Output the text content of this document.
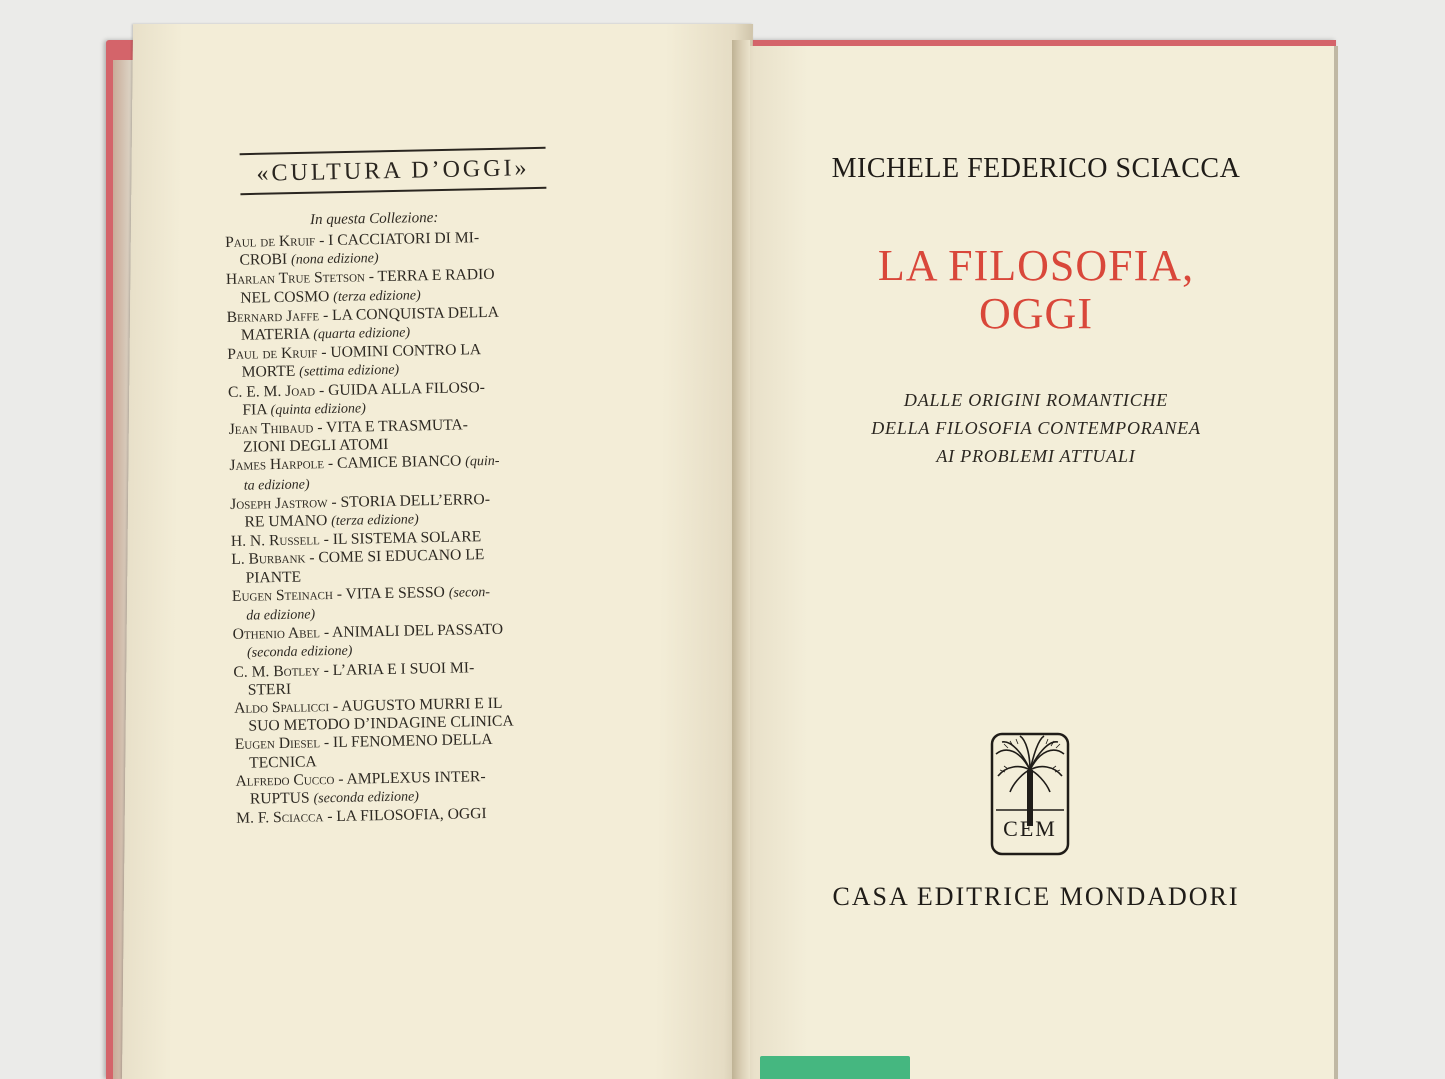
«CULTURA D’OGGI»
In questa Collezione:

Paul de Kruif - I CACCIATORI DI MI-
CROBI (nona edizione)

Harlan True Stetson - TERRA E RADIO
NEL COSMO (terza edizione)

Bernard Jaffe - LA CONQUISTA DELLA
MATERIA (quarta edizione)

Paul de Kruif - UOMINI CONTRO LA
MORTE (settima edizione)

C. E. M. Joad - GUIDA ALLA FILOSO-
FIA (quinta edizione)

Jean Thibaud - VITA E TRASMUTA-
ZIONI DEGLI ATOMI

James Harpole - CAMICE BIANCO (quin-
ta edizione)

Joseph Jastrow - STORIA DELL’ERRO-
RE UMANO (terza edizione)

H. N. Russell - IL SISTEMA SOLARE

L. Burbank - COME SI EDUCANO LE
PIANTE

Eugen Steinach - VITA E SESSO (secon-
da edizione)

Othenio Abel - ANIMALI DEL PASSATO
(seconda edizione)

C. M. Botley - L’ARIA E I SUOI MI-
STERI

Aldo Spallicci - AUGUSTO MURRI E IL
SUO METODO D’INDAGINE CLINICA

Eugen Diesel - IL FENOMENO DELLA
TECNICA

Alfredo Cucco - AMPLEXUS INTER-
RUPTUS (seconda edizione)

M. F. Sciacca - LA FILOSOFIA, OGGI

MICHELE FEDERICO SCIACCA
LA FILOSOFIA,
OGGI
DALLE ORIGINI ROMANTICHE
DELLA FILOSOFIA CONTEMPORANEA
AI PROBLEMI ATTUALI
CEM
CASA EDITRICE MONDADORI
